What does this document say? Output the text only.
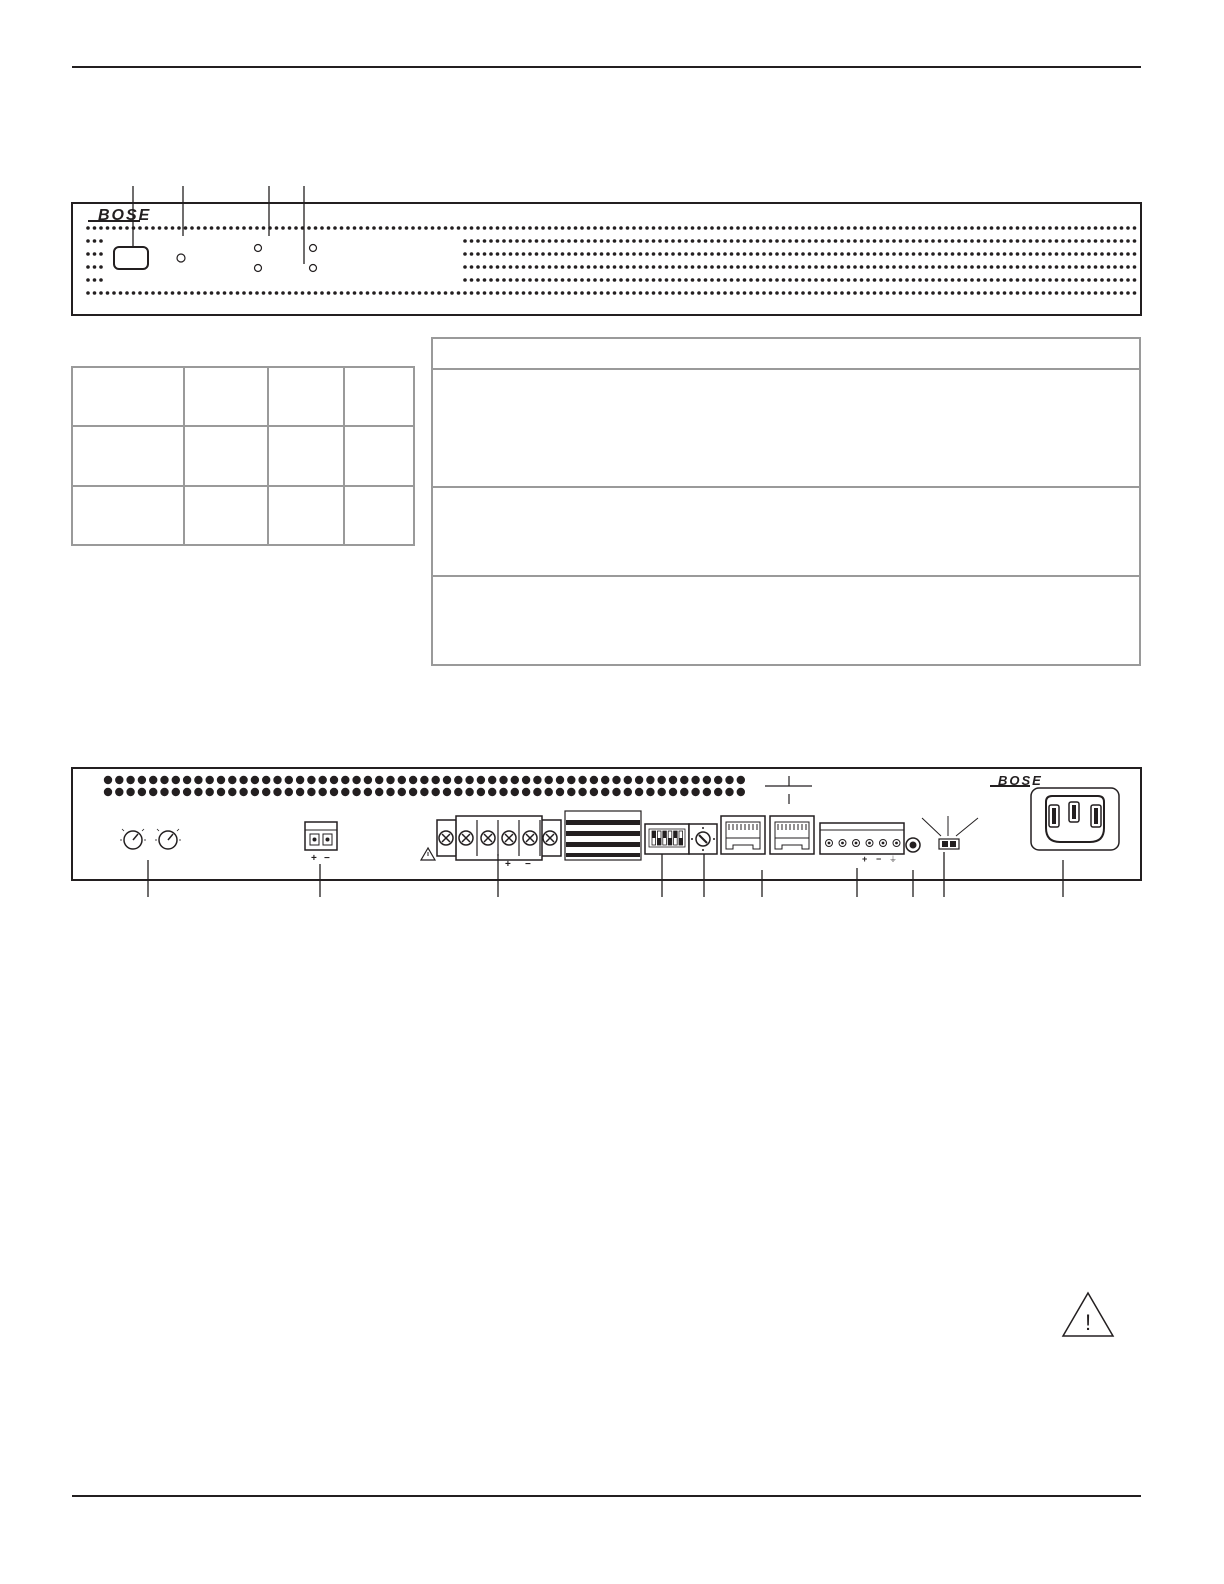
BOSE
BOSE
+ −
+ −	+ − ⏚
!
